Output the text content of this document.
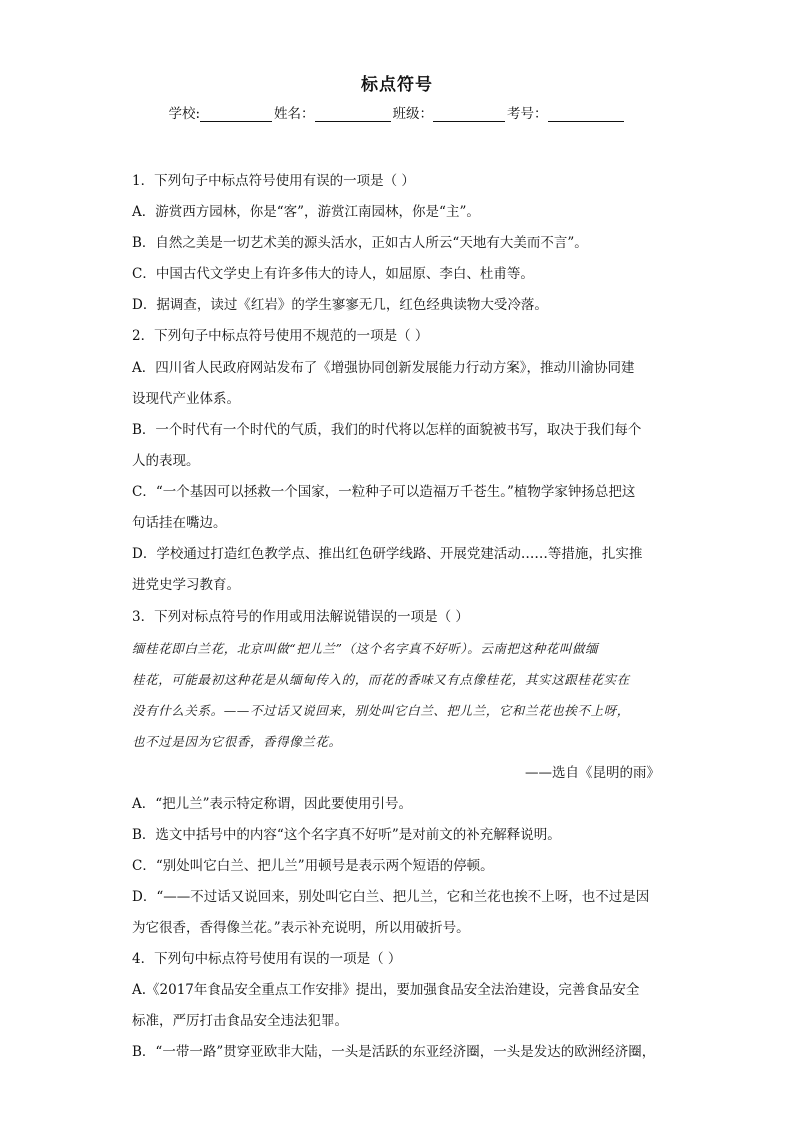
标点符号
学校:	姓名：	班级：	考号：
1．下列句子中标点符号使用有误的一项是（ ）
A．游赏西方园林，你是“客”，游赏江南园林，你是“主”。
B．自然之美是一切艺术美的源头活水，正如古人所云“天地有大美而不言”。
C．中国古代文学史上有许多伟大的诗人，如屈原、李白、杜甫等。
D．据调查，读过《红岩》的学生寥寥无几，红色经典读物大受冷落。
2．下列句子中标点符号使用不规范的一项是（ ）
A．四川省人民政府网站发布了《增强协同创新发展能力行动方案》，推动川渝协同建
设现代产业体系。
B．一个时代有一个时代的气质，我们的时代将以怎样的面貌被书写，取决于我们每个
人的表现。
C．“一个基因可以拯救一个国家，一粒种子可以造福万千苍生。”植物学家钟扬总把这
句话挂在嘴边。
D．学校通过打造红色教学点、推出红色研学线路、开展党建活动……等措施，扎实推
进党史学习教育。
3．下列对标点符号的作用或用法解说错误的一项是（ ）
缅桂花即白兰花，北京叫做“把儿兰”（这个名字真不好听）。云南把这种花叫做缅
桂花，可能最初这种花是从缅甸传入的，而花的香味又有点像桂花，其实这跟桂花实在
没有什么关系。——不过话又说回来，别处叫它白兰、把儿兰，它和兰花也挨不上呀，
也不过是因为它很香，香得像兰花。
——选自《昆明的雨》
A．“把儿兰”表示特定称谓，因此要使用引号。
B．选文中括号中的内容“这个名字真不好听”是对前文的补充解释说明。
C．“别处叫它白兰、把儿兰”用顿号是表示两个短语的停顿。
D．“——不过话又说回来，别处叫它白兰、把儿兰，它和兰花也挨不上呀，也不过是因
为它很香，香得像兰花。”表示补充说明，所以用破折号。
4．下列句中标点符号使用有误的一项是（ ）
A.《2017年食品安全重点工作安排》提出，要加强食品安全法治建设，完善食品安全
标准，严厉打击食品安全违法犯罪。
B．“一带一路”贯穿亚欧非大陆，一头是活跃的东亚经济圈，一头是发达的欧洲经济圈，
